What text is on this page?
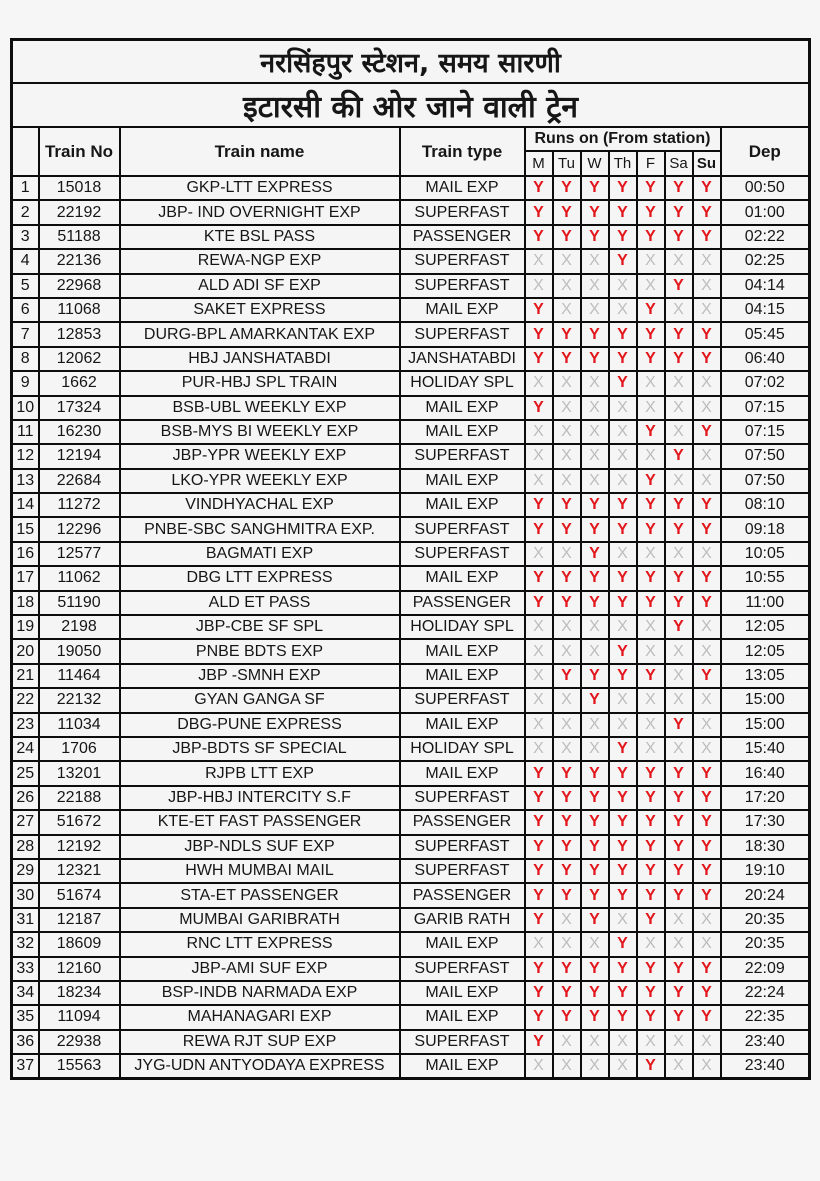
नरसिंहपुर स्टेशन, समय सारणी											
इटारसी की ओर जाने वाली ट्रेन											
	Train No	Train name	Train type	Runs on (From station)							Dep
				M	Tu	W	Th	F	Sa	Su	
1	15018	GKP-LTT EXPRESS	MAIL EXP	Y	Y	Y	Y	Y	Y	Y	00:50
2	22192	JBP- IND OVERNIGHT EXP	SUPERFAST	Y	Y	Y	Y	Y	Y	Y	01:00
3	51188	KTE BSL PASS	PASSENGER	Y	Y	Y	Y	Y	Y	Y	02:22
4	22136	REWA-NGP EXP	SUPERFAST	X	X	X	Y	X	X	X	02:25
5	22968	ALD ADI SF EXP	SUPERFAST	X	X	X	X	X	Y	X	04:14
6	11068	SAKET EXPRESS	MAIL EXP	Y	X	X	X	Y	X	X	04:15
7	12853	DURG-BPL AMARKANTAK EXP	SUPERFAST	Y	Y	Y	Y	Y	Y	Y	05:45
8	12062	HBJ JANSHATABDI	JANSHATABDI	Y	Y	Y	Y	Y	Y	Y	06:40
9	1662	PUR-HBJ SPL TRAIN	HOLIDAY SPL	X	X	X	Y	X	X	X	07:02
10	17324	BSB-UBL WEEKLY EXP	MAIL EXP	Y	X	X	X	X	X	X	07:15
11	16230	BSB-MYS BI WEEKLY EXP	MAIL EXP	X	X	X	X	Y	X	Y	07:15
12	12194	JBP-YPR WEEKLY EXP	SUPERFAST	X	X	X	X	X	Y	X	07:50
13	22684	LKO-YPR WEEKLY EXP	MAIL EXP	X	X	X	X	Y	X	X	07:50
14	11272	VINDHYACHAL EXP	MAIL EXP	Y	Y	Y	Y	Y	Y	Y	08:10
15	12296	PNBE-SBC SANGHMITRA EXP.	SUPERFAST	Y	Y	Y	Y	Y	Y	Y	09:18
16	12577	BAGMATI EXP	SUPERFAST	X	X	Y	X	X	X	X	10:05
17	11062	DBG LTT EXPRESS	MAIL EXP	Y	Y	Y	Y	Y	Y	Y	10:55
18	51190	ALD ET PASS	PASSENGER	Y	Y	Y	Y	Y	Y	Y	11:00
19	2198	JBP-CBE SF SPL	HOLIDAY SPL	X	X	X	X	X	Y	X	12:05
20	19050	PNBE BDTS EXP	MAIL EXP	X	X	X	Y	X	X	X	12:05
21	11464	JBP -SMNH EXP	MAIL EXP	X	Y	Y	Y	Y	X	Y	13:05
22	22132	GYAN GANGA SF	SUPERFAST	X	X	Y	X	X	X	X	15:00
23	11034	DBG-PUNE EXPRESS	MAIL EXP	X	X	X	X	X	Y	X	15:00
24	1706	JBP-BDTS SF SPECIAL	HOLIDAY SPL	X	X	X	Y	X	X	X	15:40
25	13201	RJPB LTT EXP	MAIL EXP	Y	Y	Y	Y	Y	Y	Y	16:40
26	22188	JBP-HBJ INTERCITY S.F	SUPERFAST	Y	Y	Y	Y	Y	Y	Y	17:20
27	51672	KTE-ET FAST PASSENGER	PASSENGER	Y	Y	Y	Y	Y	Y	Y	17:30
28	12192	JBP-NDLS SUF EXP	SUPERFAST	Y	Y	Y	Y	Y	Y	Y	18:30
29	12321	HWH MUMBAI MAIL	SUPERFAST	Y	Y	Y	Y	Y	Y	Y	19:10
30	51674	STA-ET PASSENGER	PASSENGER	Y	Y	Y	Y	Y	Y	Y	20:24
31	12187	MUMBAI GARIBRATH	GARIB RATH	Y	X	Y	X	Y	X	X	20:35
32	18609	RNC LTT EXPRESS	MAIL EXP	X	X	X	Y	X	X	X	20:35
33	12160	JBP-AMI SUF EXP	SUPERFAST	Y	Y	Y	Y	Y	Y	Y	22:09
34	18234	BSP-INDB NARMADA EXP	MAIL EXP	Y	Y	Y	Y	Y	Y	Y	22:24
35	11094	MAHANAGARI EXP	MAIL EXP	Y	Y	Y	Y	Y	Y	Y	22:35
36	22938	REWA RJT SUP EXP	SUPERFAST	Y	X	X	X	X	X	X	23:40
37	15563	JYG-UDN ANTYODAYA EXPRESS	MAIL EXP	X	X	X	X	Y	X	X	23:40
